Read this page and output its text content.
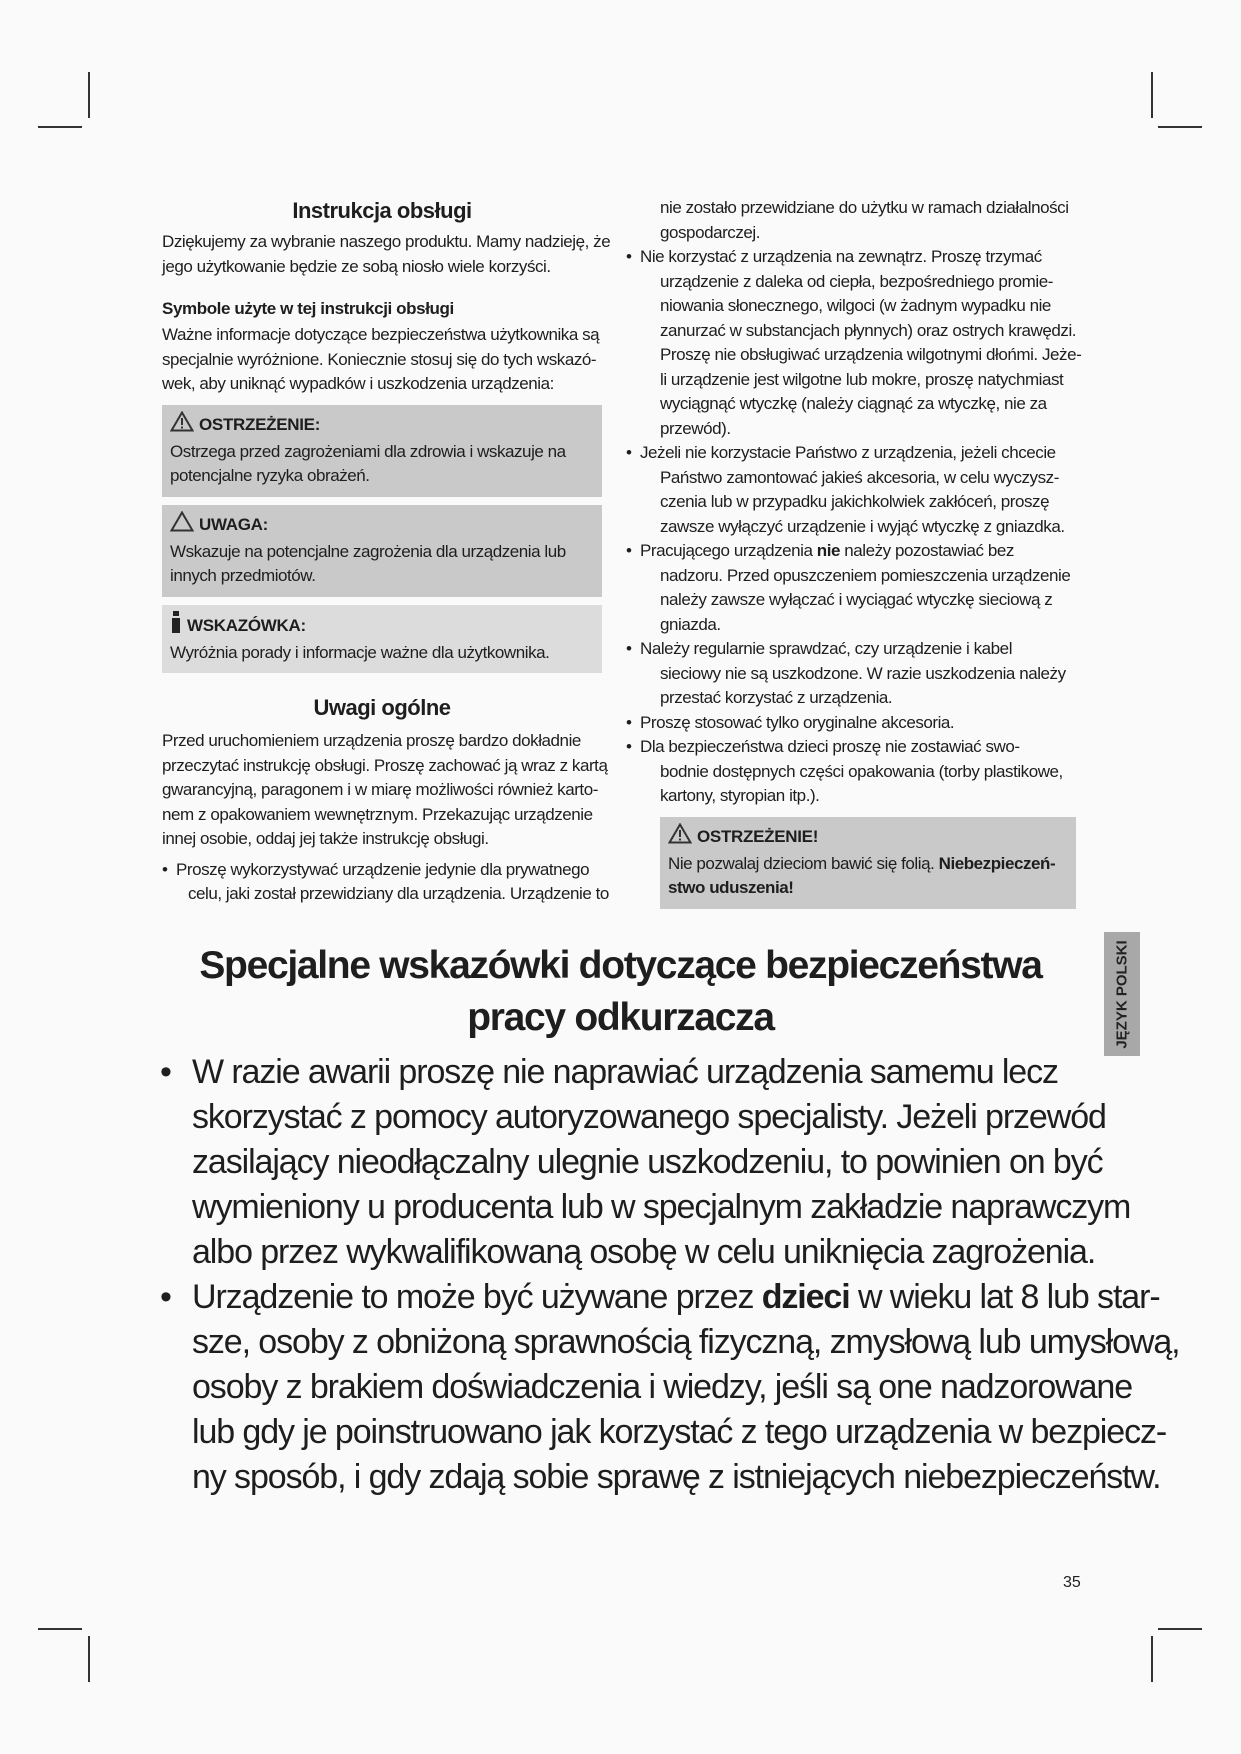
Instrukcja obsługi
Dziękujemy za wybranie naszego produktu. Mamy nadzieję, że
jego użytkowanie będzie ze sobą niosło wiele korzyści.
Symbole użyte w tej instrukcji obsługi
Ważne informacje dotyczące bezpieczeństwa użytkownika są
specjalnie wyróżnione. Koniecznie stosuj się do tych wskazó-
wek, aby uniknąć wypadków i uszkodzenia urządzenia:
OSTRZEŻENIE:
Ostrzega przed zagrożeniami dla zdrowia i wskazuje na
potencjalne ryzyka obrażeń.
UWAGA:
Wskazuje na potencjalne zagrożenia dla urządzenia lub
innych przedmiotów.
WSKAZÓWKA:
Wyróżnia porady i informacje ważne dla użytkownika.
Uwagi ogólne
Przed uruchomieniem urządzenia proszę bardzo dokładnie
przeczytać instrukcję obsługi. Proszę zachować ją wraz z kartą
gwarancyjną, paragonem i w miarę możliwości również karto-
nem z opakowaniem wewnętrznym. Przekazując urządzenie
innej osobie, oddaj jej także instrukcję obsługi.
• Proszę wykorzystywać urządzenie jedynie dla prywatnego
celu, jaki został przewidziany dla urządzenia. Urządzenie to
nie zostało przewidziane do użytku w ramach działalności
gospodarczej.
• Nie korzystać z urządzenia na zewnątrz. Proszę trzymać
urządzenie z daleka od ciepła, bezpośredniego promie-
niowania słonecznego, wilgoci (w żadnym wypadku nie
zanurzać w substancjach płynnych) oraz ostrych krawędzi.
Proszę nie obsługiwać urządzenia wilgotnymi dłońmi. Jeże-
li urządzenie jest wilgotne lub mokre, proszę natychmiast
wyciągnąć wtyczkę (należy ciągnąć za wtyczkę, nie za
przewód).
• Jeżeli nie korzystacie Państwo z urządzenia, jeżeli chcecie
Państwo zamontować jakieś akcesoria, w celu wyczysz-
czenia lub w przypadku jakichkolwiek zakłóceń, proszę
zawsze wyłączyć urządzenie i wyjąć wtyczkę z gniazdka.
• Pracującego urządzenia nie należy pozostawiać bez
nadzoru. Przed opuszczeniem pomieszczenia urządzenie
należy zawsze wyłączać i wyciągać wtyczkę sieciową z
gniazda.
• Należy regularnie sprawdzać, czy urządzenie i kabel
sieciowy nie są uszkodzone. W razie uszkodzenia należy
przestać korzystać z urządzenia.
• Proszę stosować tylko oryginalne akcesoria.
• Dla bezpieczeństwa dzieci proszę nie zostawiać swo-
bodnie dostępnych części opakowania (torby plastikowe,
kartony, styropian itp.).
OSTRZEŻENIE!
Nie pozwalaj dzieciom bawić się folią. Niebezpieczeń-
stwo uduszenia!
Specjalne wskazówki dotyczące bezpieczeństwa
pracy odkurzacza
• W razie awarii proszę nie naprawiać urządzenia samemu lecz
skorzystać z pomocy autoryzowanego specjalisty. Jeżeli przewód
zasilający nieodłączalny ulegnie uszkodzeniu, to powinien on być
wymieniony u producenta lub w specjalnym zakładzie naprawczym
albo przez wykwalifikowaną osobę w celu uniknięcia zagrożenia.
• Urządzenie to może być używane przez dzieci w wieku lat 8 lub star-
sze, osoby z obniżoną sprawnością fizyczną, zmysłową lub umysłową,
osoby z brakiem doświadczenia i wiedzy, jeśli są one nadzorowane
lub gdy je poinstruowano jak korzystać z tego urządzenia w bezpiecz-
ny sposób, i gdy zdają sobie sprawę z istniejących niebezpieczeństw.
JĘZYK POLSKI
35
